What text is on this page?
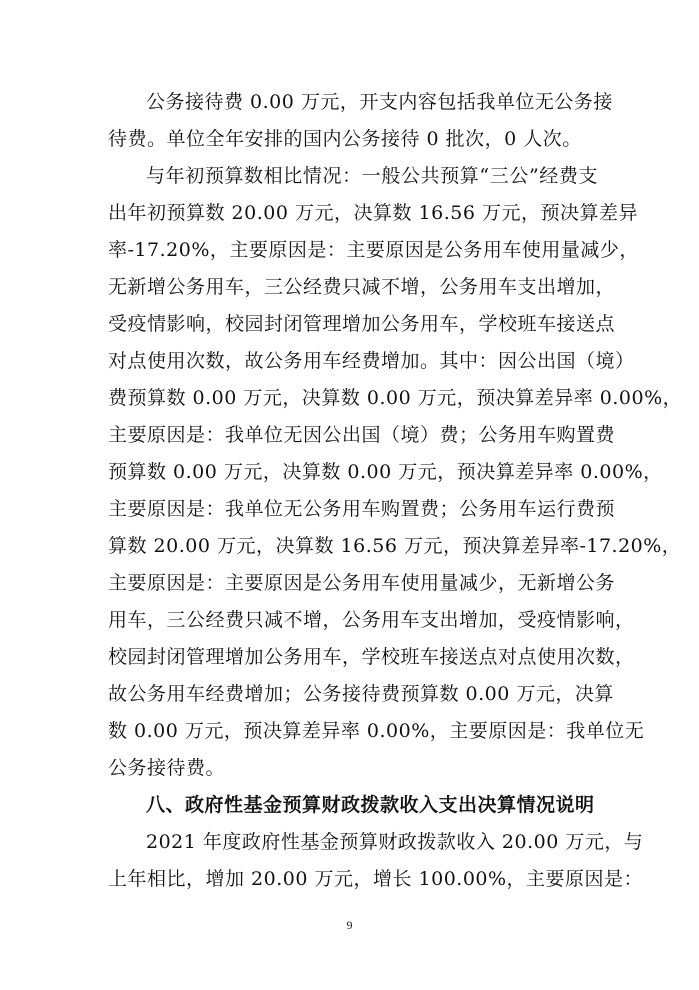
公务接待费 0.00 万元，开支内容包括我单位无公务接
待费。单位全年安排的国内公务接待 0 批次，0 人次。
与年初预算数相比情况：一般公共预算“三公”经费支
出年初预算数 20.00 万元，决算数 16.56 万元，预决算差异
率-17.20%，主要原因是：主要原因是公务用车使用量减少，
无新增公务用车，三公经费只减不增，公务用车支出增加，
受疫情影响，校园封闭管理增加公务用车，学校班车接送点
对点使用次数，故公务用车经费增加。其中：因公出国（境）
费预算数 0.00 万元，决算数 0.00 万元，预决算差异率 0.00%，
主要原因是：我单位无因公出国（境）费；公务用车购置费
预算数 0.00 万元，决算数 0.00 万元，预决算差异率 0.00%，
主要原因是：我单位无公务用车购置费；公务用车运行费预
算数 20.00 万元，决算数 16.56 万元，预决算差异率-17.20%，
主要原因是：主要原因是公务用车使用量减少，无新增公务
用车，三公经费只减不增，公务用车支出增加，受疫情影响，
校园封闭管理增加公务用车，学校班车接送点对点使用次数，
故公务用车经费增加；公务接待费预算数 0.00 万元，决算
数 0.00 万元，预决算差异率 0.00%，主要原因是：我单位无
公务接待费。
八、政府性基金预算财政拨款收入支出决算情况说明
2021 年度政府性基金预算财政拨款收入 20.00 万元，与
上年相比，增加 20.00 万元，增长 100.00%，主要原因是：
9
